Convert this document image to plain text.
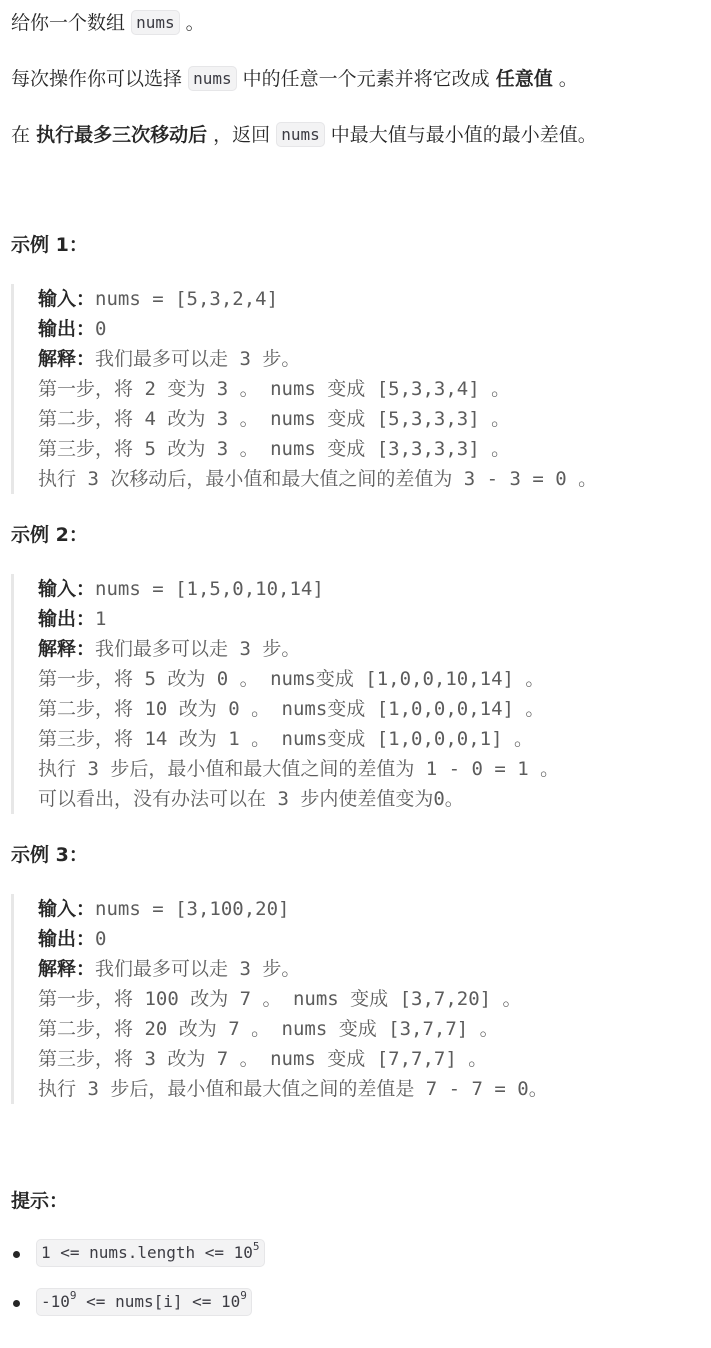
给你一个数组 nums 。
每次操作你可以选择 nums 中的任意一个元素并将它改成 任意值 。
在 执行最多三次移动后 ，返回 nums 中最大值与最小值的最小差值。
示例 1：
输入：nums = [5,3,2,4]
输出：0
解释：我们最多可以走 3 步。
第一步，将 2 变为 3 。 nums 变成 [5,3,3,4] 。
第二步，将 4 改为 3 。 nums 变成 [5,3,3,3] 。
第三步，将 5 改为 3 。 nums 变成 [3,3,3,3] 。
执行 3 次移动后，最小值和最大值之间的差值为 3 - 3 = 0 。
示例 2：
输入：nums = [1,5,0,10,14]
输出：1
解释：我们最多可以走 3 步。
第一步，将 5 改为 0 。 nums变成 [1,0,0,10,14] 。
第二步，将 10 改为 0 。 nums变成 [1,0,0,0,14] 。
第三步，将 14 改为 1 。 nums变成 [1,0,0,0,1] 。
执行 3 步后，最小值和最大值之间的差值为 1 - 0 = 1 。
可以看出，没有办法可以在 3 步内使差值变为0。
示例 3：
输入：nums = [3,100,20]
输出：0
解释：我们最多可以走 3 步。
第一步，将 100 改为 7 。 nums 变成 [3,7,20] 。
第二步，将 20 改为 7 。 nums 变成 [3,7,7] 。
第三步，将 3 改为 7 。 nums 变成 [7,7,7] 。
执行 3 步后，最小值和最大值之间的差值是 7 - 7 = 0。
提示：
1 <= nums.length <= $10^5$
$-10^9$ <= nums[i] <= $10^9$
